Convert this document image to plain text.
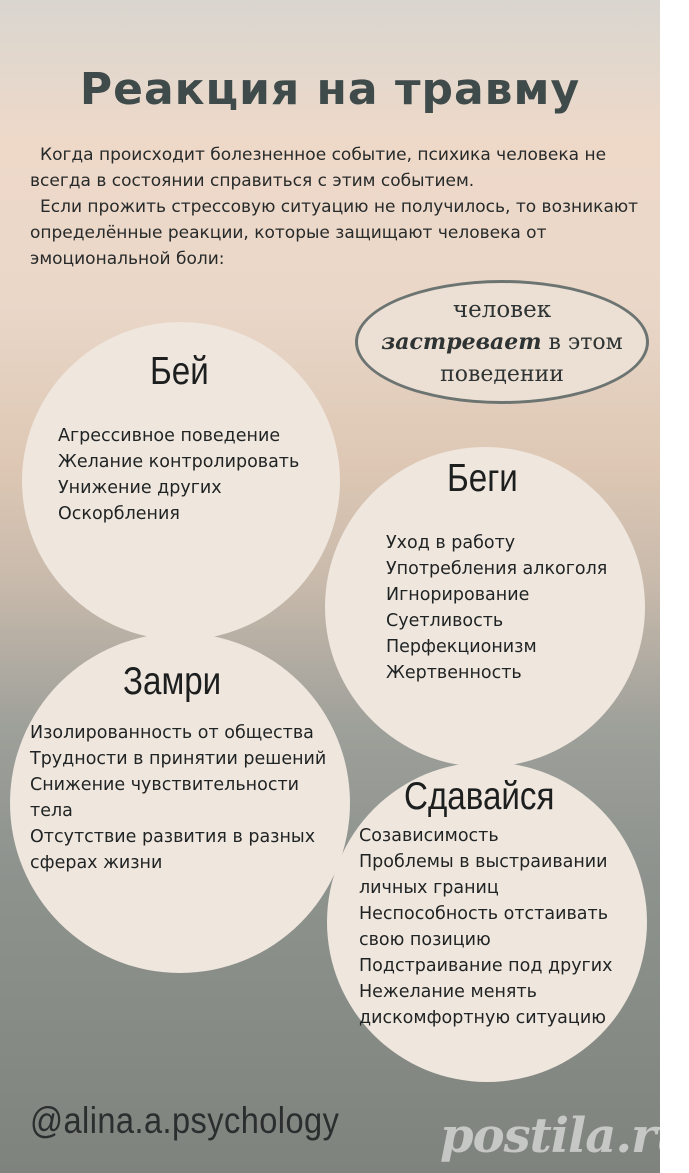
Реакция на травму

Когда происходит болезненное событие, психика человека не всегда в состоянии справиться с этим событием.

Если прожить стрессовую ситуацию не получилось, то возникают определённые реакции, которые защищают человека от эмоциональной боли:

человек
застревает в этом
поведении
Бей
Агрессивное поведение
Желание контролировать
Унижение других
Оскорбления
Беги
Уход в работу
Употребления алкоголя
Игнорирование
Суетливость
Перфекционизм
Жертвенность
Замри
Изолированность от общества
Трудности в принятии решений
Снижение чувствительности
тела
Отсутствие развития в разных
сферах жизни
Сдавайся
Созависимость
Проблемы в выстраивании
личных границ
Неспособность отстаивать
свою позицию
Подстраивание под других
Нежелание менять
дискомфортную ситуацию
@alina.a.psychology postila.ru
